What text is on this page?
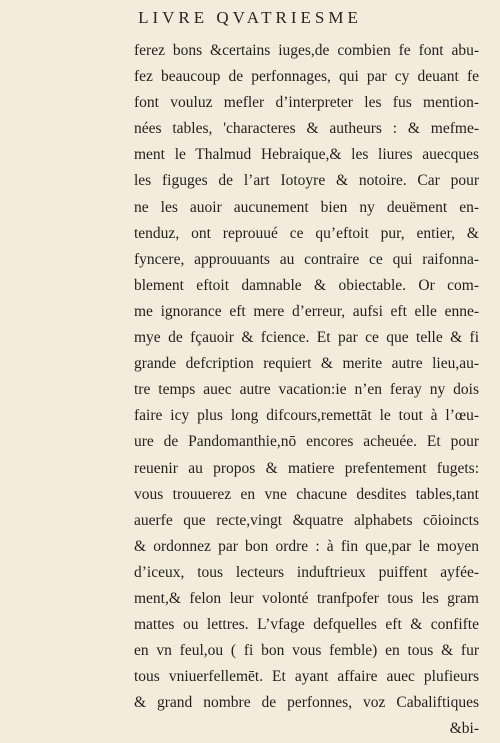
LIVRE QVATRIESME
ferez bons &certains iuges,de combien fe font abu-
fez beaucoup de perfonnages, qui par cy deuant fe
font vouluz mefler d’interpreter les fus mention-
nées tables, 'characteres & autheurs : & mefme-
ment le Thalmud Hebraique,& les liures auecques
les figuges de l’art Iotoyre & notoire. Car pour
ne les auoir aucunement bien ny deuëment en-
tenduz, ont reprouué ce qu’eftoit pur, entier, &
fyncere, approuuants au contraire ce qui raifonna-
blement eftoit damnable & obiectable. Or com-
me ignorance eft mere d’erreur, aufsi eft elle enne-
mye de fçauoir & fcience. Et par ce que telle & fi
grande defcription requiert & merite autre lieu,au-
tre temps auec autre vacation:ie n’en feray ny dois
faire icy plus long difcours,remettāt le tout à l’œu-
ure de Pandomanthie,nō encores acheuée. Et pour
reuenir au propos & matiere prefentement fugets:
vous trouuerez en vne chacune desdites tables,tant
auerfe que recte,vingt &quatre alphabets cōioincts
& ordonnez par bon ordre : à fin que,par le moyen
d’iceux, tous lecteurs induftrieux puiffent ayfée-
ment,& felon leur volonté tranfpofer tous les gram
mattes ou lettres. L’vfage defquelles eft & confifte
en vn feul,ou ( fi bon vous femble) en tous & fur
tous vniuerfellemēt. Et ayant affaire auec plufieurs
& grand nombre de perfonnes, voz Cabaliftiques
&bi-
